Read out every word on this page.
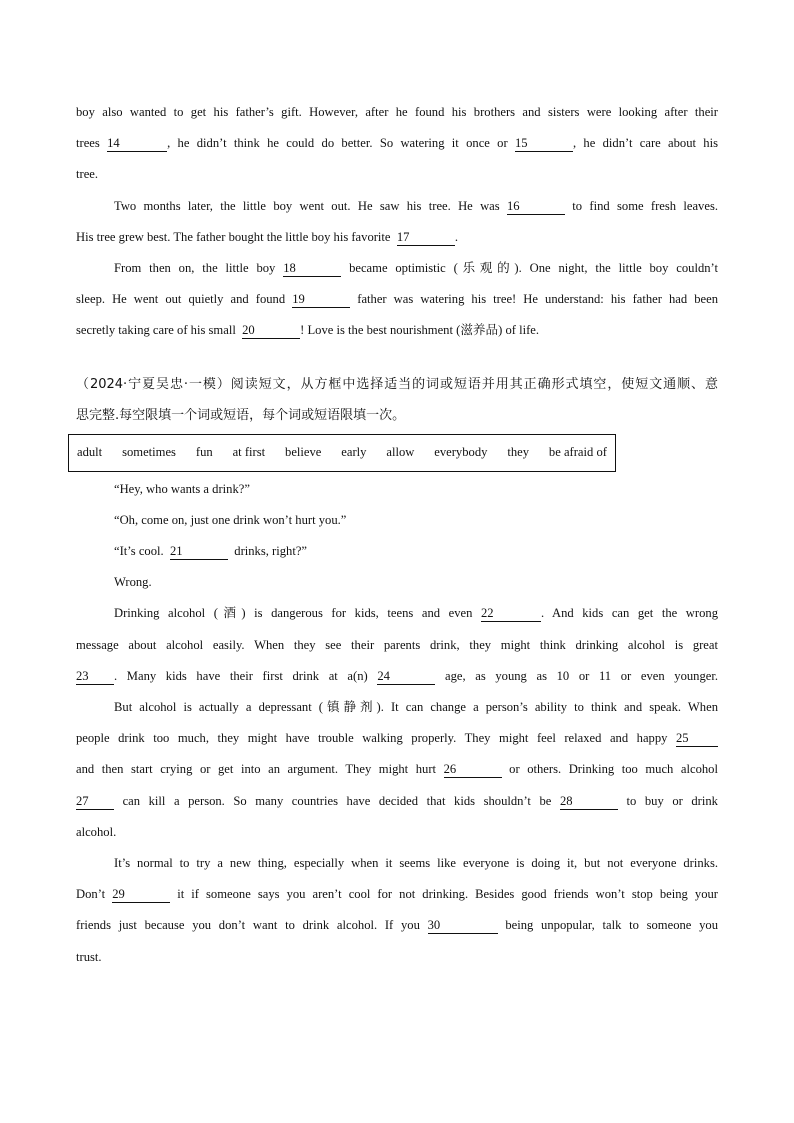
boy also wanted to get his father’s gift. However, after he found his brothers and sisters were looking after their
trees 14	, he didn’t think he could do better. So watering it once or 15	, he didn’t care about his
tree.
Two months later, the little boy went out. He saw his tree. He was 16	to find some fresh leaves.
His tree grew best. The father bought the little boy his favorite 17	.
From then on, the little boy 18	became optimistic (乐观的). One night, the little boy couldn’t
sleep. He went out quietly and found 19	father was watering his tree! He understand: his father had been
secretly taking care of his small 20	! Love is the best nourishment (滋养品) of life.
（2024·宁夏吴忠·一模）阅读短文，从方框中选择适当的词或短语并用其正确形式填空，使短文通顺、意
思完整.每空限填一个词或短语，每个词或短语限填一次。
adult sometimes fun at first believe early allow everybody they be afraid of
“Hey, who wants a drink?”
“Oh, come on, just one drink won’t hurt you.”
“It’s cool. 21	drinks, right?”
Wrong.
Drinking alcohol (酒) is dangerous for kids, teens and even 22	. And kids can get the wrong
message about alcohol easily. When they see their parents drink, they might think drinking alcohol is great
23 . Many kids have their first drink at a(n) 24	age, as young as 10 or 11 or even younger.
But alcohol is actually a depressant (镇静剂). It can change a person’s ability to think and speak. When
people drink too much, they might have trouble walking properly. They might feel relaxed and happy 25
and then start crying or get into an argument. They might hurt 26	or others. Drinking too much alcohol
27	can kill a person. So many countries have decided that kids shouldn’t be 28	to buy or drink
alcohol.
It’s normal to try a new thing, especially when it seems like everyone is doing it, but not everyone drinks.
Don’t 29	it if someone says you aren’t cool for not drinking. Besides good friends won’t stop being your
friends just because you don’t want to drink alcohol. If you 30	being unpopular, talk to someone you
trust.
